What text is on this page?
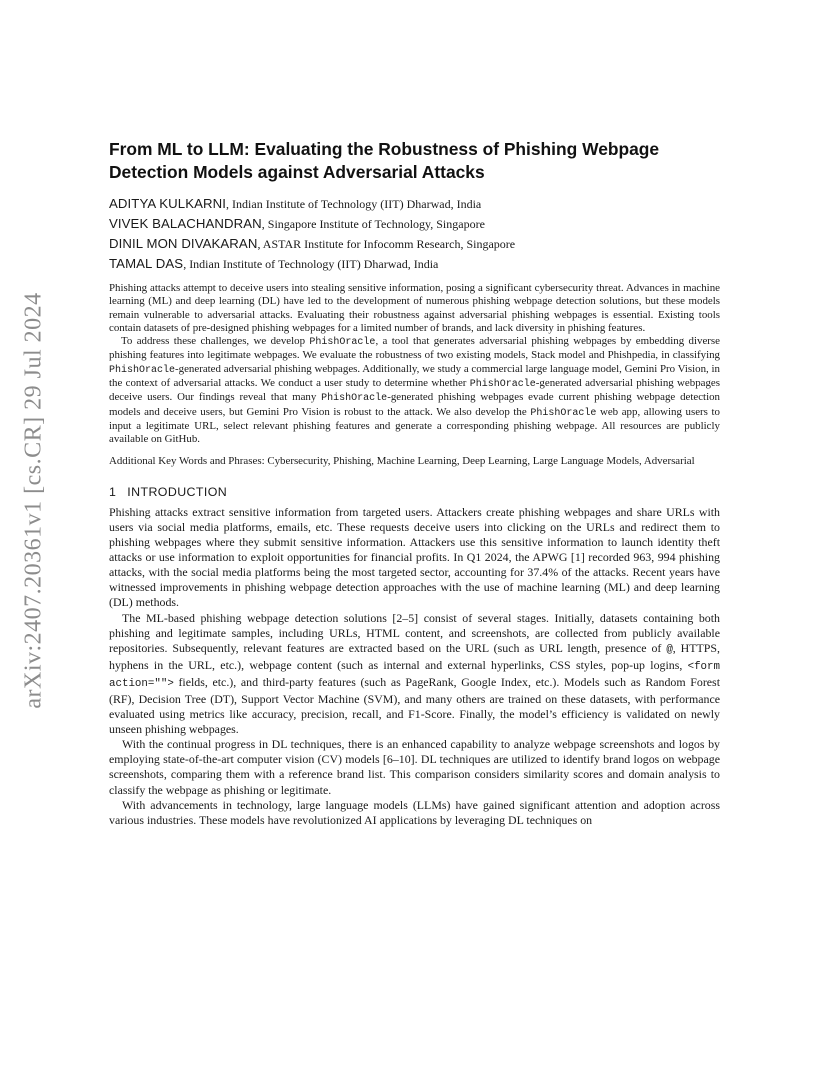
arXiv:2407.20361v1 [cs.CR] 29 Jul 2024
From ML to LLM: Evaluating the Robustness of Phishing Webpage Detection Models against Adversarial Attacks
ADITYA KULKARNI, Indian Institute of Technology (IIT) Dharwad, India
VIVEK BALACHANDRAN, Singapore Institute of Technology, Singapore
DINIL MON DIVAKARAN, ASTAR Institute for Infocomm Research, Singapore
TAMAL DAS, Indian Institute of Technology (IIT) Dharwad, India

Phishing attacks attempt to deceive users into stealing sensitive information, posing a significant cybersecurity threat. Advances in machine learning (ML) and deep learning (DL) have led to the development of numerous phishing webpage detection solutions, but these models remain vulnerable to adversarial attacks. Evaluating their robustness against adversarial phishing webpages is essential. Existing tools contain datasets of pre-designed phishing webpages for a limited number of brands, and lack diversity in phishing features.

To address these challenges, we develop PhishOracle, a tool that generates adversarial phishing webpages by embedding diverse phishing features into legitimate webpages. We evaluate the robustness of two existing models, Stack model and Phishpedia, in classifying PhishOracle-generated adversarial phishing webpages. Additionally, we study a commercial large language model, Gemini Pro Vision, in the context of adversarial attacks. We conduct a user study to determine whether PhishOracle-generated adversarial phishing webpages deceive users. Our findings reveal that many PhishOracle-generated phishing webpages evade current phishing webpage detection models and deceive users, but Gemini Pro Vision is robust to the attack. We also develop the PhishOracle web app, allowing users to input a legitimate URL, select relevant phishing features and generate a corresponding phishing webpage. All resources are publicly available on GitHub.

Additional Key Words and Phrases: Cybersecurity, Phishing, Machine Learning, Deep Learning, Large Language Models, Adversarial

1 INTRODUCTION

Phishing attacks extract sensitive information from targeted users. Attackers create phishing webpages and share URLs with users via social media platforms, emails, etc. These requests deceive users into clicking on the URLs and redirect them to phishing webpages where they submit sensitive information. Attackers use this sensitive information to launch identity theft attacks or use information to exploit opportunities for financial profits. In Q1 2024, the APWG [1] recorded 963, 994 phishing attacks, with the social media platforms being the most targeted sector, accounting for 37.4% of the attacks. Recent years have witnessed improvements in phishing webpage detection approaches with the use of machine learning (ML) and deep learning (DL) methods.

The ML-based phishing webpage detection solutions [2–5] consist of several stages. Initially, datasets containing both phishing and legitimate samples, including URLs, HTML content, and screenshots, are collected from publicly available repositories. Subsequently, relevant features are extracted based on the URL (such as URL length, presence of @, HTTPS, hyphens in the URL, etc.), webpage content (such as internal and external hyperlinks, CSS styles, pop-up logins, <form action=""> fields, etc.), and third-party features (such as PageRank, Google Index, etc.). Models such as Random Forest (RF), Decision Tree (DT), Support Vector Machine (SVM), and many others are trained on these datasets, with performance evaluated using metrics like accuracy, precision, recall, and F1-Score. Finally, the model’s efficiency is validated on newly unseen phishing webpages.

With the continual progress in DL techniques, there is an enhanced capability to analyze webpage screenshots and logos by employing state-of-the-art computer vision (CV) models [6–10]. DL techniques are utilized to identify brand logos on webpage screenshots, comparing them with a reference brand list. This comparison considers similarity scores and domain analysis to classify the webpage as phishing or legitimate.

With advancements in technology, large language models (LLMs) have gained significant attention and adoption across various industries. These models have revolutionized AI applications by leveraging DL techniques on
